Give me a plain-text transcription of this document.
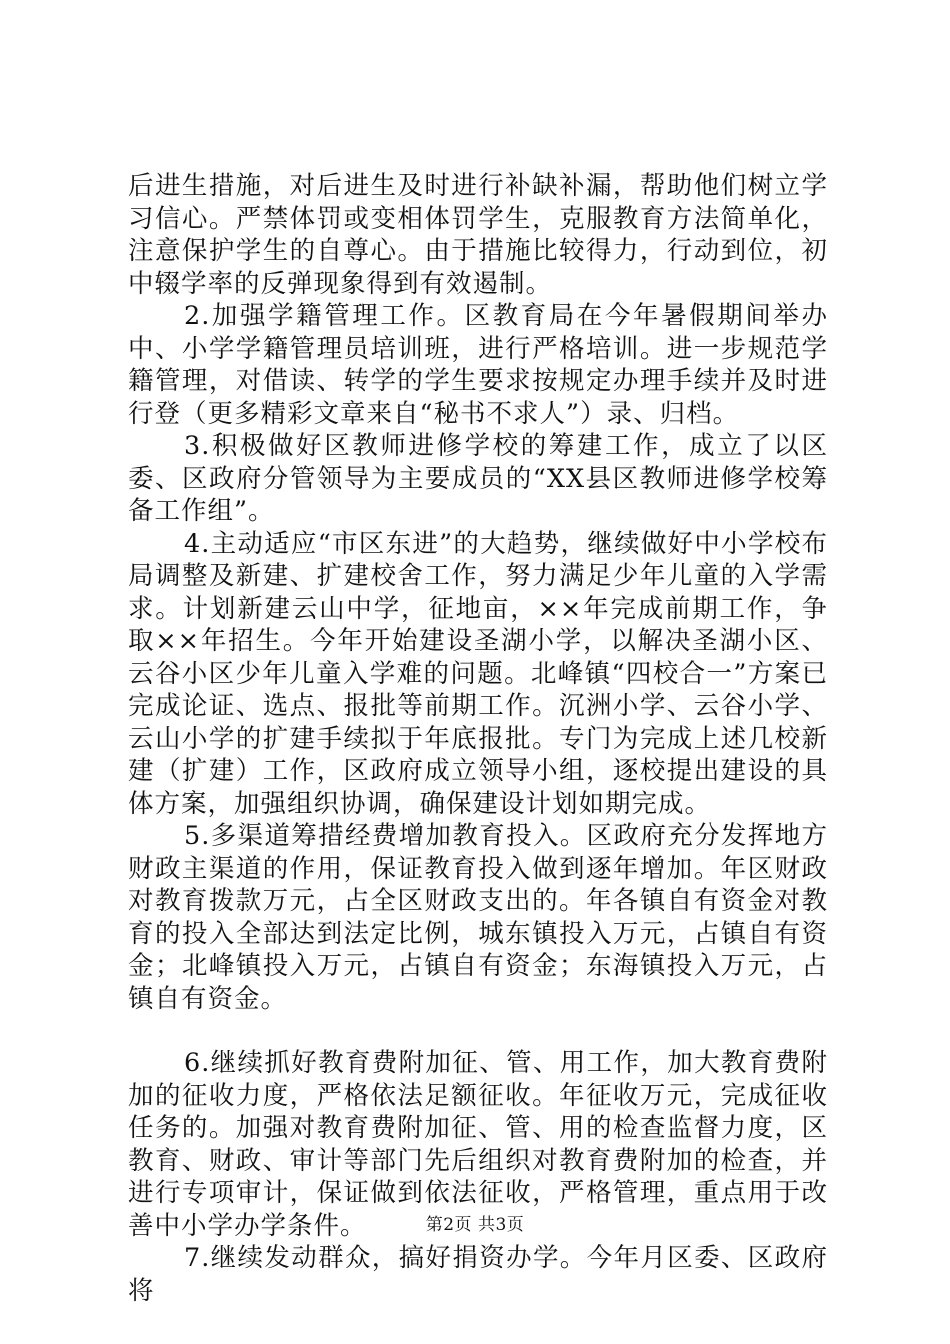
后进生措施，对后进生及时进行补缺补漏，帮助他们树立学习信心。严禁体罚或变相体罚学生，克服教育方法简单化，注意保护学生的自尊心。由于措施比较得力，行动到位，初中辍学率的反弹现象得到有效遏制。

2.加强学籍管理工作。区教育局在今年暑假期间举办中、小学学籍管理员培训班，进行严格培训。进一步规范学籍管理，对借读、转学的学生要求按规定办理手续并及时进行登（更多精彩文章来自“秘书不求人”）录、归档。

3.积极做好区教师进修学校的筹建工作，成立了以区委、区政府分管领导为主要成员的“XX县区教师进修学校筹备工作组”。

4.主动适应“市区东进”的大趋势，继续做好中小学校布局调整及新建、扩建校舍工作，努力满足少年儿童的入学需求。计划新建云山中学，征地亩，××年完成前期工作，争取××年招生。今年开始建设圣湖小学，以解决圣湖小区、云谷小区少年儿童入学难的问题。北峰镇“四校合一”方案已完成论证、选点、报批等前期工作。沉洲小学、云谷小学、云山小学的扩建手续拟于年底报批。专门为完成上述几校新建（扩建）工作，区政府成立领导小组，逐校提出建设的具体方案，加强组织协调，确保建设计划如期完成。

5.多渠道筹措经费增加教育投入。区政府充分发挥地方财政主渠道的作用，保证教育投入做到逐年增加。年区财政对教育拨款万元，占全区财政支出的。年各镇自有资金对教育的投入全部达到法定比例，城东镇投入万元，占镇自有资金；北峰镇投入万元，占镇自有资金；东海镇投入万元，占镇自有资金。

6.继续抓好教育费附加征、管、用工作，加大教育费附加的征收力度，严格依法足额征收。年征收万元，完成征收任务的。加强对教育费附加征、管、用的检查监督力度，区教育、财政、审计等部门先后组织对教育费附加的检查，并进行专项审计，保证做到依法征收，严格管理，重点用于改善中小学办学条件。

7.继续发动群众，搞好捐资办学。今年月区委、区政府将

第2页 共3页
